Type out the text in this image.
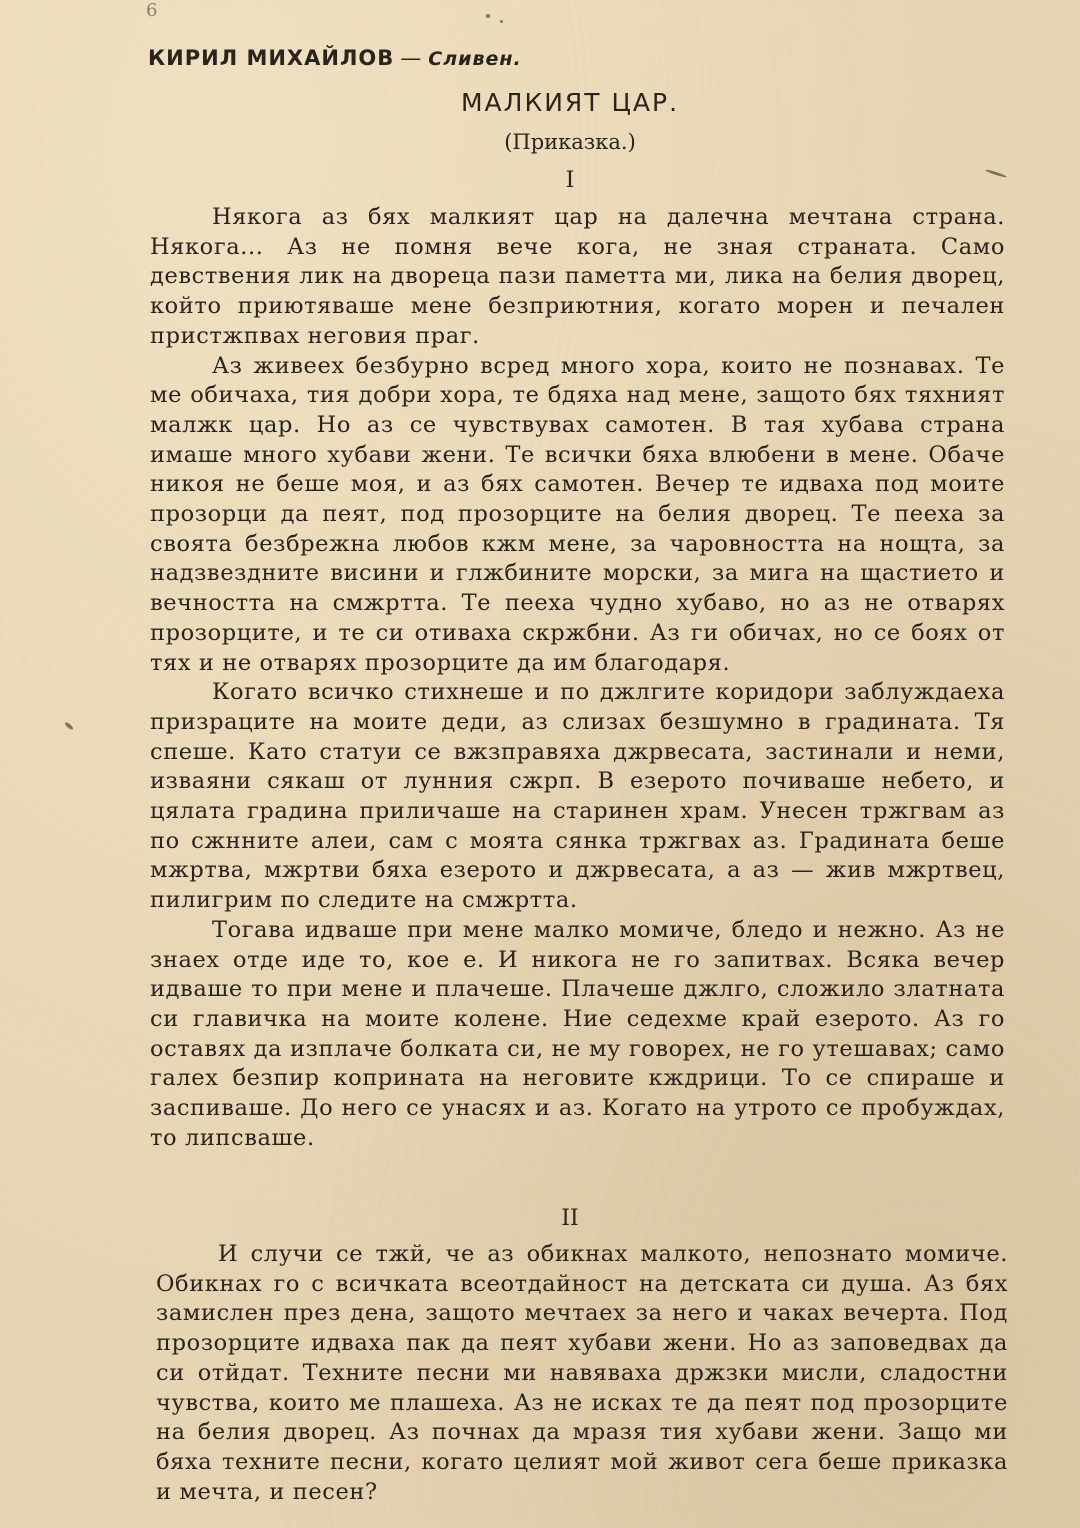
6
КИРИЛ МИХАЙЛОВ — Сливен.
МАЛКИЯТ ЦАР.
(Приказка.)
I

Някога аз бях малкият цар на далечна мечтана страна. Някога... Аз не помня вече кога, не зная страната. Само девствения лик на двореца пази паметта ми, лика на белия дворец, който приютяваше мене безприютния, когато морен и печален пристжпвах неговия праг.

Аз живеех безбурно всред много хора, които не познавах. Те ме обичаха, тия добри хора, те бдяха над мене, защото бях тяхният малжк цар. Но аз се чувствувах самотен. В тая хубава страна имаше много хубави жени. Те всички бяха влюбени в мене. Обаче никоя не беше моя, и аз бях самотен. Вечер те идваха под моите прозорци да пеят, под прозорците на белия дворец. Те пееха за своята безбрежна любов кжм мене, за чаровността на нощта, за надзвездните висини и глжбините морски, за мига на щастието и вечността на смжртта. Те пееха чудно хубаво, но аз не отварях прозорците, и те си отиваха скржбни. Аз ги обичах, но се боях от тях и не отварях прозорците да им благодаря.

Когато всичко стихнеше и по джлгите коридори заблуждаеха призраците на моите деди, аз слизах безшумно в градината. Тя спеше. Като статуи се вжзправяха джрвесата, застинали и неми, изваяни сякаш от лунния сжрп. В езерото почиваше небето, и цялата градина приличаше на старинен храм. Унесен тржгвам аз по сжнните алеи, сам с моята сянка тржгвах аз. Градината беше мжртва, мжртви бяха езерото и джрвесата, а аз — жив мжртвец, пилигрим по следите на смжртта.

Тогава идваше при мене малко момиче, бледо и нежно. Аз не знаех отде иде то, кое е. И никога не го запитвах. Всяка вечер идваше то при мене и плачеше. Плачеше джлго, сложило златната си главичка на моите колене. Ние седехме край езерото. Аз го оставях да изплаче болката си, не му говорех, не го утешавах; само галех безпир коприната на неговите кждрици. То се спираше и заспиваше. До него се унасях и аз. Когато на утрото се пробуждах, то липсваше.

II

И случи се тжй, че аз обикнах малкото, непознато момиче. Обикнах го с всичката всеотдайност на детската си душа. Аз бях замислен през дена, защото мечтаех за него и чаках вечерта. Под прозорците идваха пак да пеят хубави жени. Но аз заповедвах да си отйдат. Техните песни ми навяваха држзки мисли, сладостни чувства, които ме плашеха. Аз не исках те да пеят под прозорците на белия дворец. Аз почнах да мразя тия хубави жени. Защо ми бяха техните песни, когато целият мой живот сега беше приказка и мечта, и песен?
